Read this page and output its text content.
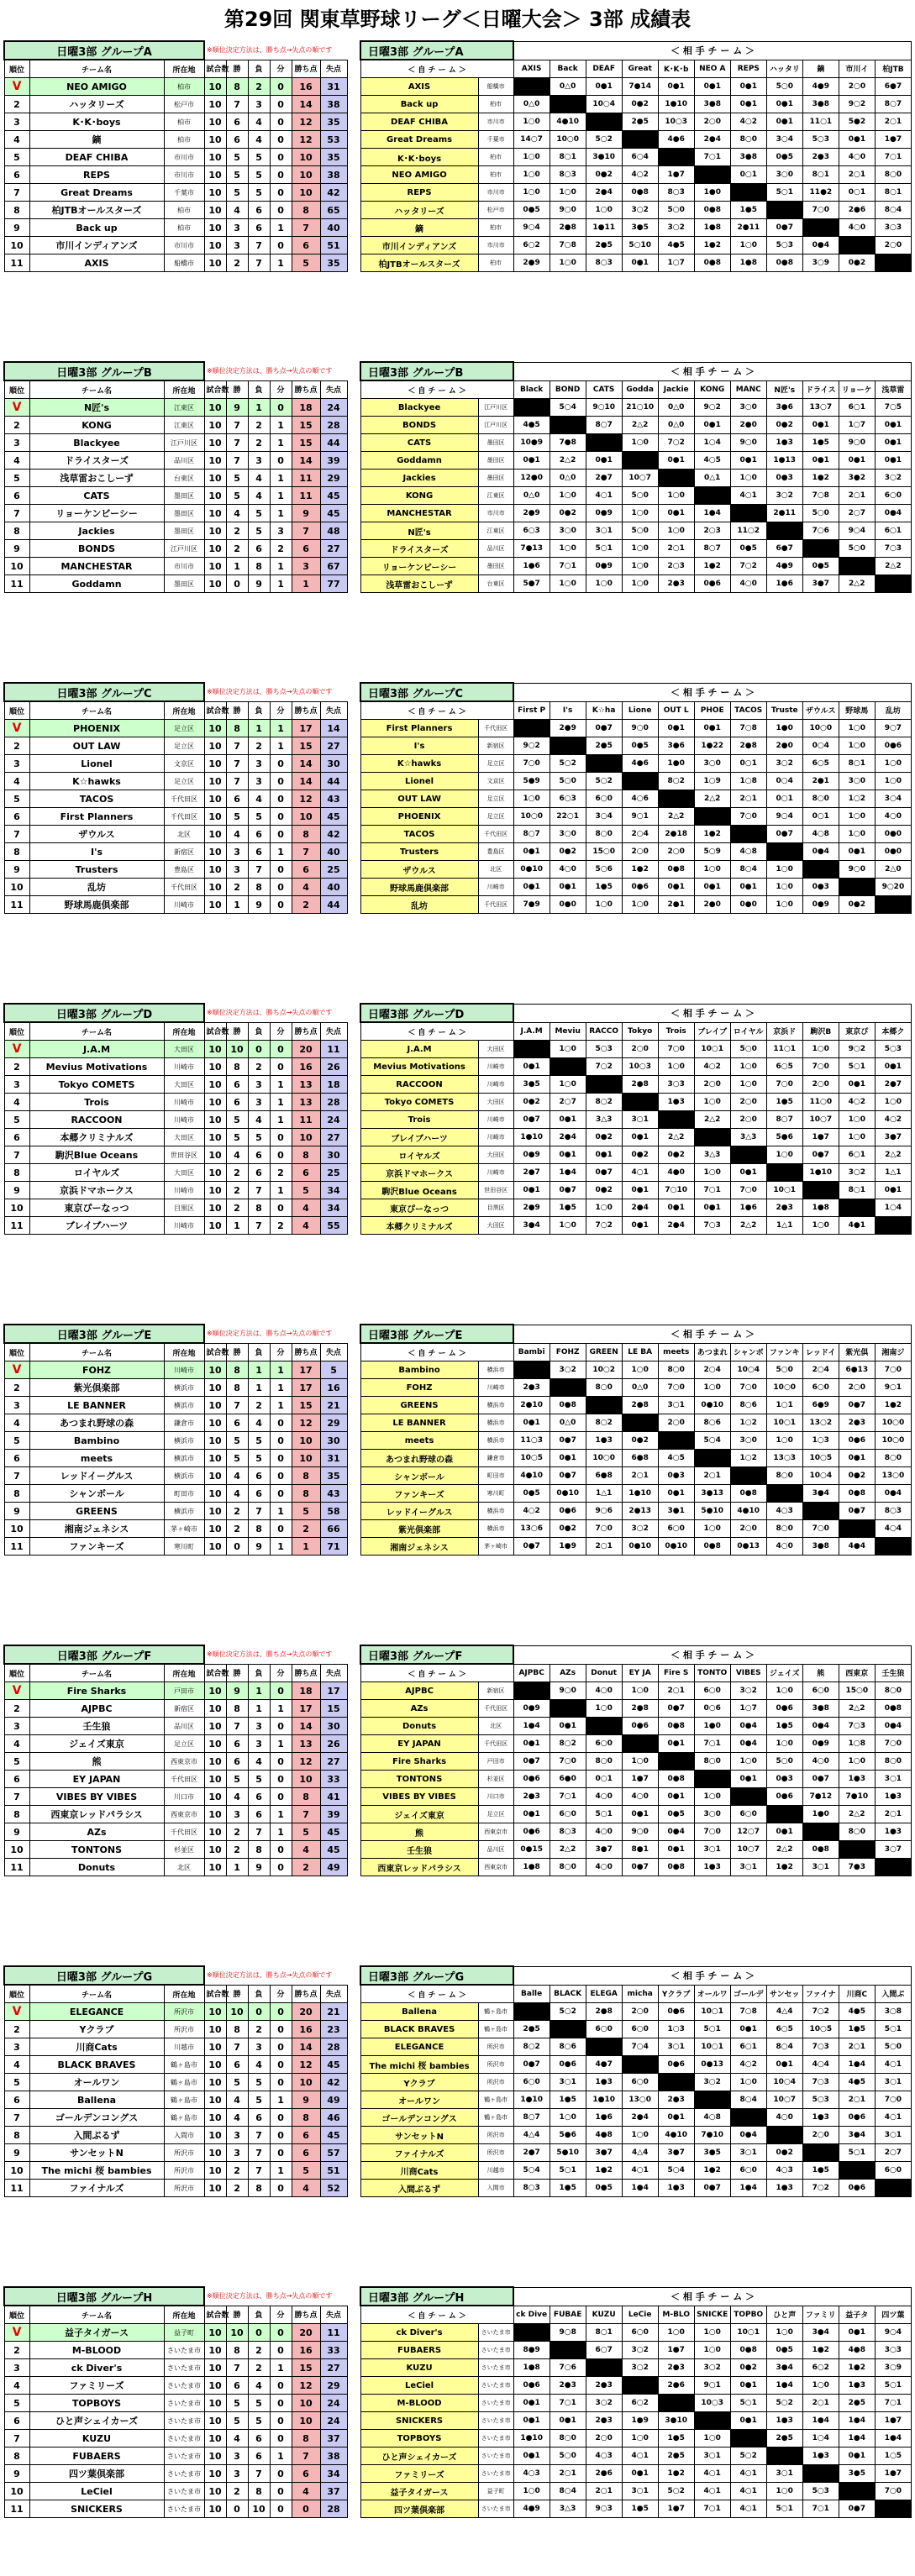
第29回 関東草野球リーグ＜日曜大会＞ 3部 成績表
日曜3部 グループA			※順位決定方法は、勝ち点→失点の順です					
順位	チーム名	所在地	試合数	勝	負	分	勝ち点	失点
V	NEO AMIGO	柏市	10	8	2	0	16	31
2	ハッタリーズ	松戸市	10	7	3	0	14	38
3	K･K･boys	柏市	10	6	4	0	12	35
4	鏑	柏市	10	6	4	0	12	53
5	DEAF CHIBA	市川市	10	5	5	0	10	35
6	REPS	市川市	10	5	5	0	10	38
7	Great Dreams	千葉市	10	5	5	0	10	42
8	柏JTBオールスターズ	柏市	10	4	6	0	8	65
9	Back up	柏市	10	3	6	1	7	40
10	市川インディアンズ	市川市	10	3	7	0	6	51
11	AXIS	船橋市	10	2	7	1	5	35
日曜3部 グループA		＜ 相 手 チ ー ム ＞										
＜ 自 チ ー ム ＞		AXIS	Back	DEAF	Great	K･K･b	NEO A	REPS	ハッタリ	鏑	市川イ	柏JTB
AXIS	船橋市		0△0	0●1	7●14	0●1	0●1	0●1	5○0	4●9	2○0	6●7
Back up	柏市	0△0		10○4	0●2	1●10	3●8	0●1	0●1	3●8	9○2	8○7
DEAF CHIBA	市川市	1○0	4●10		2●5	10○3	2○0	4○2	0●1	11○1	5●2	2○1
Great Dreams	千葉市	14○7	10○0	5○2		4●6	2●4	8○0	3○4	5○3	0●1	1●7
K･K･boys	柏市	1○0	8○1	3●10	6○4		7○1	3●8	0●5	2●3	4○0	7○1
NEO AMIGO	柏市	1○0	8○3	0●2	4○2	1●7		0○1	3○0	8○1	2○1	8○0
REPS	市川市	1○0	1○0	2●4	0●8	8○3	1●0		5○1	11●2	0○1	8○1
ハッタリーズ	松戸市	0●5	9○0	1○0	3○2	5○0	0●8	1●5		7○0	2●6	8○4
鏑	柏市	9○4	2●8	1●11	3●5	3○2	1●8	2●11	0●7		4○0	3○3
市川インディアンズ	市川市	6○2	7○8	2●5	5○10	4●5	1●2	1○0	5○3	0●4		2○0
柏JTBオールスターズ	柏市	2●9	1○0	8○3	0●1	1○7	0●8	1●8	0●8	3○9	0●2	
日曜3部 グループB			※順位決定方法は、勝ち点→失点の順です					
順位	チーム名	所在地	試合数	勝	負	分	勝ち点	失点
V	N匠's	江東区	10	9	1	0	18	24
2	KONG	江東区	10	7	2	1	15	28
3	Blackyee	江戸川区	10	7	2	1	15	44
4	ドライスターズ	品川区	10	7	3	0	14	39
5	浅草雷おこしーず	台東区	10	5	4	1	11	29
6	CATS	墨田区	10	5	4	1	11	45
7	リョーケンビーシー	墨田区	10	4	5	1	9	45
8	Jackies	墨田区	10	2	5	3	7	48
9	BONDS	江戸川区	10	2	6	2	6	27
10	MANCHESTAR	市川市	10	1	8	1	3	67
11	Goddamn	墨田区	10	0	9	1	1	77
日曜3部 グループB		＜ 相 手 チ ー ム ＞										
＜ 自 チ ー ム ＞		Black	BOND	CATS	Godda	Jackie	KONG	MANC	N匠's	ドライス	リョーケ	浅草雷
Blackyee	江戸川区		5○4	9○10	21○10	0△0	9○2	3○0	3●6	13○7	6○1	7○5
BONDS	江戸川区	4●5		8○7	2△2	0△0	0●1	2●0	0●2	0●1	1○7	0●1
CATS	墨田区	10●9	7●8		1○0	7○2	1○4	9○0	1●3	1●5	9○0	0●1
Goddamn	墨田区	0●1	2△2	0●1		0●1	4○5	0●1	1●13	0●1	0●1	0●1
Jackies	墨田区	12●0	0△0	2●7	10○7		0△1	1○0	0●3	1●2	3●2	3○2
KONG	江東区	0△0	1○0	4○1	5○0	1○0		4○1	3○2	7○8	2○1	6○0
MANCHESTAR	市川市	2●9	0●2	0●9	1○0	0●1	1●4		2●11	5○0	2○7	0●4
N匠's	江東区	6○3	3○0	3○1	5○0	1○0	2○3	11○2		7○6	9○4	6○1
ドライスターズ	品川区	7●13	1○0	5○1	1○0	2○1	8○7	0●5	6●7		5○0	7○3
リョーケンビーシー	墨田区	1●6	7○1	0●9	1○0	2○3	1●2	7○2	4●9	0●5		2△2
浅草雷おこしーず	台東区	5●7	1○0	1○0	1○0	2●3	0●6	4○0	1●6	3●7	2△2	
日曜3部 グループC			※順位決定方法は、勝ち点→失点の順です					
順位	チーム名	所在地	試合数	勝	負	分	勝ち点	失点
V	PHOENIX	足立区	10	8	1	1	17	14
2	OUT LAW	足立区	10	7	2	1	15	27
3	Lionel	文京区	10	7	3	0	14	30
4	K☆hawks	足立区	10	7	3	0	14	44
5	TACOS	千代田区	10	6	4	0	12	43
6	First Planners	千代田区	10	5	5	0	10	45
7	ザウルス	北区	10	4	6	0	8	42
8	I's	新宿区	10	3	6	1	7	40
9	Trusters	豊島区	10	3	7	0	6	25
10	乱坊	千代田区	10	2	8	0	4	40
11	野球馬鹿倶楽部	川崎市	10	1	9	0	2	44
日曜3部 グループC		＜ 相 手 チ ー ム ＞										
＜ 自 チ ー ム ＞		First P	I's	K☆ha	Lione	OUT L	PHOE	TACOS	Truste	ザウルス	野球馬	乱坊
First Planners	千代田区		2●9	0●7	9○0	0●1	0●1	7○8	1●0	10○0	1○0	9○7
I's	新宿区	9○2		2●5	0●5	3●6	1●22	2●8	2●0	0○4	1○0	0●6
K☆hawks	足立区	7○0	5○2		4●6	1●0	3○0	0○1	3○2	6○5	8○1	1○0
Lionel	文京区	5●9	5○0	5○2		8○2	1○9	1○8	0○4	2●1	3○0	1○0
OUT LAW	足立区	1○0	6○3	6○0	4○6		2△2	2○1	0○1	8○0	1○2	3○4
PHOENIX	足立区	10○0	22○1	3○4	9○1	2△2		7○0	9○4	0○1	1○0	4○0
TACOS	千代田区	8○7	3○0	8○0	2○4	2●18	1●2		0●7	4○8	1○0	0●0
Trusters	豊島区	0●1	0●2	15○0	2○0	2○0	5○9	4○8		0●4	0●1	0●0
ザウルス	北区	0●10	4○0	5○6	1●2	0●8	1○0	8○4	1○0		9○0	2△0
野球馬鹿倶楽部	川崎市	0●1	0●1	1●5	0●6	0●1	0●1	0●1	1○0	0●3		9○20
乱坊	千代田区	7●9	0●0	1○0	1○0	2●1	2●0	0●0	1○0	0●9	0●2	
日曜3部 グループD			※順位決定方法は、勝ち点→失点の順です					
順位	チーム名	所在地	試合数	勝	負	分	勝ち点	失点
V	J.A.M	大田区	10	10	0	0	20	11
2	Mevius Motivations	川崎市	10	8	2	0	16	26
3	Tokyo COMETS	大田区	10	6	3	1	13	18
4	Trois	川崎市	10	6	3	1	13	28
5	RACCOON	川崎市	10	5	4	1	11	24
6	本郷クリミナルズ	大田区	10	5	5	0	10	27
7	駒沢Blue Oceans	世田谷区	10	4	6	0	8	30
8	ロイヤルズ	大田区	10	2	6	2	6	25
9	京浜ドマホークス	川崎市	10	2	7	1	5	34
10	東京ぴーなっつ	目黒区	10	2	8	0	4	34
11	ブレイブハーツ	川崎市	10	1	7	2	4	55
日曜3部 グループD		＜ 相 手 チ ー ム ＞										
＜ 自 チ ー ム ＞		J.A.M	Meviu	RACCO	Tokyo	Trois	ブレイブ	ロイヤル	京浜ド	駒沢B	東京ぴ	本郷ク
J.A.M	大田区		1○0	5○3	2○0	7○0	10○1	5○0	11○1	1○0	9○2	5○3
Mevius Motivations	川崎市	0●1		7○2	10○3	1○0	4○2	1○0	6○5	7○0	5○1	0●1
RACCOON	川崎市	3●5	1○0		2●8	3○3	2○0	1○0	7○0	2○0	0●1	2●7
Tokyo COMETS	大田区	0●2	2○7	8○2		1●3	1○0	2○0	1●5	11○0	4○2	1○0
Trois	川崎市	0●7	0●1	3△3	3○1		2△2	2○0	8○7	10○7	1○0	4○2
ブレイブハーツ	川崎市	1●10	2●4	0●2	0●1	2△2		3△3	5●6	1●7	1○0	3●7
ロイヤルズ	大田区	0●9	0●1	0●1	0●2	0●2	3△3		1○0	0●7	6○1	2△2
京浜ドマホークス	川崎市	2●7	1●4	0●7	4○1	4●0	1○0	0●1		1●10	3○2	1△1
駒沢Blue Oceans	世田谷区	0●1	0●7	0●2	0●1	7○10	7○1	7○0	10○1		8○1	0●1
東京ぴーなっつ	目黒区	2●9	1●5	1○0	2●4	0●1	0●1	1●6	2●3	1●8		1○4
本郷クリミナルズ	大田区	3●4	1○0	7○2	0●1	2●4	7○3	2△2	1△1	1○0	4●1	
日曜3部 グループE			※順位決定方法は、勝ち点→失点の順です					
順位	チーム名	所在地	試合数	勝	負	分	勝ち点	失点
V	FOHZ	川崎市	10	8	1	1	17	5
2	紫光倶楽部	横浜市	10	8	1	1	17	16
3	LE BANNER	横浜市	10	7	2	1	15	21
4	あつまれ野球の森	鎌倉市	10	6	4	0	12	29
5	Bambino	横浜市	10	5	5	0	10	30
6	meets	横浜市	10	5	5	0	10	31
7	レッドイーグルス	横浜市	10	4	6	0	8	35
8	シャンボール	町田市	10	4	6	0	8	43
9	GREENS	横浜市	10	2	7	1	5	58
10	湘南ジェネシス	茅ヶ崎市	10	2	8	0	2	66
11	ファンキーズ	寒川町	10	0	9	1	1	71
日曜3部 グループE		＜ 相 手 チ ー ム ＞										
＜ 自 チ ー ム ＞		Bambi	FOHZ	GREEN	LE BA	meets	あつまれ	シャンボ	ファンキ	レッドイ	紫光倶	湘南ジ
Bambino	横浜市		3○2	10○2	1○0	8○0	2○4	10○4	5○0	2○4	6●13	7○0
FOHZ	川崎市	2●3		8○0	0△0	7○0	1○0	7○0	10○0	6○0	2○0	9○1
GREENS	横浜市	2●10	0●8		2●8	3○1	0●10	8○6	1○1	6●9	0●7	1●2
LE BANNER	横浜市	0●1	0△0	8○2		2○0	8○6	1○2	10○1	13○2	2●3	10○0
meets	横浜市	11○3	0●7	1●3	0●2		5○4	3○0	1○0	1○3	0●6	10○0
あつまれ野球の森	鎌倉市	10○5	0●1	10○0	6●8	4○5		1○2	13○3	10○5	0●1	8○0
シャンボール	町田市	4●10	0●7	6●8	2○1	0●3	2○1		8○0	10○4	0●2	13○0
ファンキーズ	寒川町	0●5	0●10	1△1	1●10	0●1	3●13	0●8		3●4	0●8	0●4
レッドイーグルス	横浜市	4○2	0●6	9○6	2●13	3●1	5●10	4●10	4○3		0●7	8○3
紫光倶楽部	横浜市	13○6	0●2	7○0	3○2	6○0	1○0	2○0	8○0	7○0		4○4
湘南ジェネシス	茅ヶ崎市	0●7	1●9	2○1	0●10	0●10	0●8	0●13	4○0	3●8	4●4	
日曜3部 グループF			※順位決定方法は、勝ち点→失点の順です					
順位	チーム名	所在地	試合数	勝	負	分	勝ち点	失点
V	Fire Sharks	戸田市	10	9	1	0	18	17
2	AJPBC	新宿区	10	8	1	1	17	15
3	壬生狼	品川区	10	7	3	0	14	30
4	ジェイズ東京	足立区	10	6	3	1	13	26
5	熊	西東京市	10	6	4	0	12	27
6	EY JAPAN	千代田区	10	5	5	0	10	33
7	VIBES BY VIBES	川口市	10	4	6	0	8	41
8	西東京レッドパラシス	西東京市	10	3	6	1	7	39
9	AZs	千代田区	10	2	7	1	5	45
10	TONTONS	杉並区	10	2	8	0	4	45
11	Donuts	北区	10	1	9	0	2	49
日曜3部 グループF		＜ 相 手 チ ー ム ＞										
＜ 自 チ ー ム ＞		AJPBC	AZs	Donut	EY JA	Fire S	TONTO	VIBES	ジェイズ	熊	西東京	壬生狼
AJPBC	新宿区		9○0	4○0	1○0	2○1	6○0	3○2	1○0	6○0	15○0	8○0
AZs	千代田区	0●9		1○0	2●8	0●7	0○6	1○7	0●6	3●8	2△2	0●8
Donuts	北区	1●4	0●1		0●6	0●8	1●0	0●4	1●5	0●4	7○3	0●4
EY JAPAN	千代田区	0●1	8○2	6○0		0●1	7○1	0●4	1○0	0●9	1○8	7○0
Fire Sharks	戸田市	0●7	7○0	8○0	1○0		8○0	1○0	5○0	4○0	1○0	8○0
TONTONS	杉並区	0●6	6●0	0○1	1●7	0●8		0●1	0●3	0●7	1●3	3○1
VIBES BY VIBES	川口市	2●3	7○1	4○0	4○0	0●1	1○0		0●6	7●12	7●10	1●3
ジェイズ東京	足立区	0●1	6○0	5○1	0●1	0●5	3○0	6○0		1●0	2△2	2○1
熊	西東京市	0●6	8○3	4○0	9○0	0●4	7○0	12○7	0●1		8○0	1●3
壬生狼	品川区	0●15	2△2	3●7	8●1	0●1	3○1	10○7	2△2	0●8		3○7
西東京レッドパラシス	西東京市	1●8	8○0	4○0	0●7	0●8	1●3	3○1	1●2	3○1	7●3	
日曜3部 グループG			※順位決定方法は、勝ち点→失点の順です					
順位	チーム名	所在地	試合数	勝	負	分	勝ち点	失点
V	ELEGANCE	所沢市	10	10	0	0	20	21
2	Yクラブ	所沢市	10	8	2	0	16	23
3	川商Cats	川越市	10	7	3	0	14	28
4	BLACK BRAVES	鶴ヶ島市	10	6	4	0	12	45
5	オールワン	鶴ヶ島市	10	5	5	0	10	42
6	Ballena	鶴ヶ島市	10	4	5	1	9	49
7	ゴールデンコングス	鶴ヶ島市	10	4	6	0	8	46
8	入間ぶるず	入間市	10	3	7	0	6	45
9	サンセットN	所沢市	10	3	7	0	6	57
10	The michi 桜 bambies	所沢市	10	2	7	1	5	51
11	ファイナルズ	所沢市	10	2	8	0	4	52
日曜3部 グループG		＜ 相 手 チ ー ム ＞										
＜ 自 チ ー ム ＞		Balle	BLACK	ELEGA	micha	Yクラブ	オールワ	ゴールデ	サンセッ	ファイナ	川商C	入間ぶ
Ballena	鶴ヶ島市		5○2	2●8	2○0	0●6	10○1	7○8	4△4	7○2	4●5	3○8
BLACK BRAVES	鶴ヶ島市	2●5		6○0	6○0	1○3	5○1	0●1	6○5	10○5	1●5	5○1
ELEGANCE	所沢市	8○2	8○6		7○4	3○1	10○1	6○1	8○4	7○3	2○1	5○0
The michi 桜 bambies	所沢市	0●7	0●6	4●7		0●6	0●13	4○2	0●1	4○4	1●4	4○1
Yクラブ	所沢市	6○0	3○1	1●3	6○0		3○2	1○0	10○4	7○3	4●5	3○1
オールワン	鶴ヶ島市	1●10	1●5	1●10	13○0	2●3		8○4	10○7	5○3	2○1	7○0
ゴールデンコングス	鶴ヶ島市	8○7	1○0	1●6	2●4	0●1	4○8		4○0	1●3	0●6	4○1
サンセットN	所沢市	4△4	5●6	4●8	1○0	4●10	7●10	0●4		2○0	3●4	3○1
ファイナルズ	所沢市	2●7	5●10	3●7	4△4	3●7	3●5	3○1	0●2		5○1	2○7
川商Cats	川越市	5○4	5○1	1●2	4○1	5○4	1●2	6○0	4○3	1●5		6○0
入間ぶるず	入間市	8○3	1●5	0●5	1●4	1●3	0●7	1●4	1●3	7○2	0●6	
日曜3部 グループH			※順位決定方法は、勝ち点→失点の順です					
順位	チーム名	所在地	試合数	勝	負	分	勝ち点	失点
V	益子タイガース	益子町	10	10	0	0	20	11
2	M-BLOOD	さいたま市	10	8	2	0	16	33
3	ck Diver's	さいたま市	10	7	2	1	15	27
4	ファミリーズ	さいたま市	10	6	4	0	12	29
5	TOPBOYS	さいたま市	10	5	5	0	10	24
6	ひと声シェイカーズ	さいたま市	10	5	5	0	10	24
7	KUZU	さいたま市	10	4	6	0	8	37
8	FUBAERS	さいたま市	10	3	6	1	7	38
9	四ツ葉倶楽部	さいたま市	10	3	7	0	6	34
10	LeCiel	さいたま市	10	2	8	0	4	37
11	SNICKERS	さいたま市	10	0	10	0	0	28
日曜3部 グループH		＜ 相 手 チ ー ム ＞										
＜ 自 チ ー ム ＞		ck Dive	FUBAE	KUZU	LeCie	M-BLO	SNICKE	TOPBO	ひと声	ファミリ	益子タ	四ツ葉
ck Diver's	さいたま市		9○8	8○1	6○0	1○0	1○0	10○1	1○0	3●4	0●1	9○4
FUBAERS	さいたま市	8●9		6○7	3○2	1●7	1○0	0●8	0●5	1●2	4●8	3○3
KUZU	さいたま市	1●8	7○6		3○2	2●3	3○2	0●2	3●4	6○2	1●2	3○9
LeCiel	さいたま市	0●6	2●3	2●3		2●6	9○1	0●1	1●4	1○0	1●3	5○1
M-BLOOD	さいたま市	0●1	7○1	3○2	6○2		10○3	5○1	5○2	2○1	2●5	7○1
SNICKERS	さいたま市	0●1	0●1	2●3	1●9	3●10		0●1	1●3	1●4	1●4	1●7
TOPBOYS	さいたま市	1●10	8○0	2○0	1○0	1●5	1○0		2●5	1○4	1●4	1●4
ひと声シェイカーズ	さいたま市	0●1	5○0	4○3	4○1	2●5	3○1	5○2		1●3	0●1	1○5
ファミリーズ	さいたま市	4○3	2○1	2●6	0●1	1●2	4○1	4○1	3○1		3●5	1●7
益子タイガース	益子町	1○0	8○4	2○1	3○1	5○2	4○1	4○1	1○0	5○3		7○0
四ツ葉倶楽部	さいたま市	4●9	3△3	9○3	1●5	1●7	7○1	4○1	5○1	7○1	0●7	
